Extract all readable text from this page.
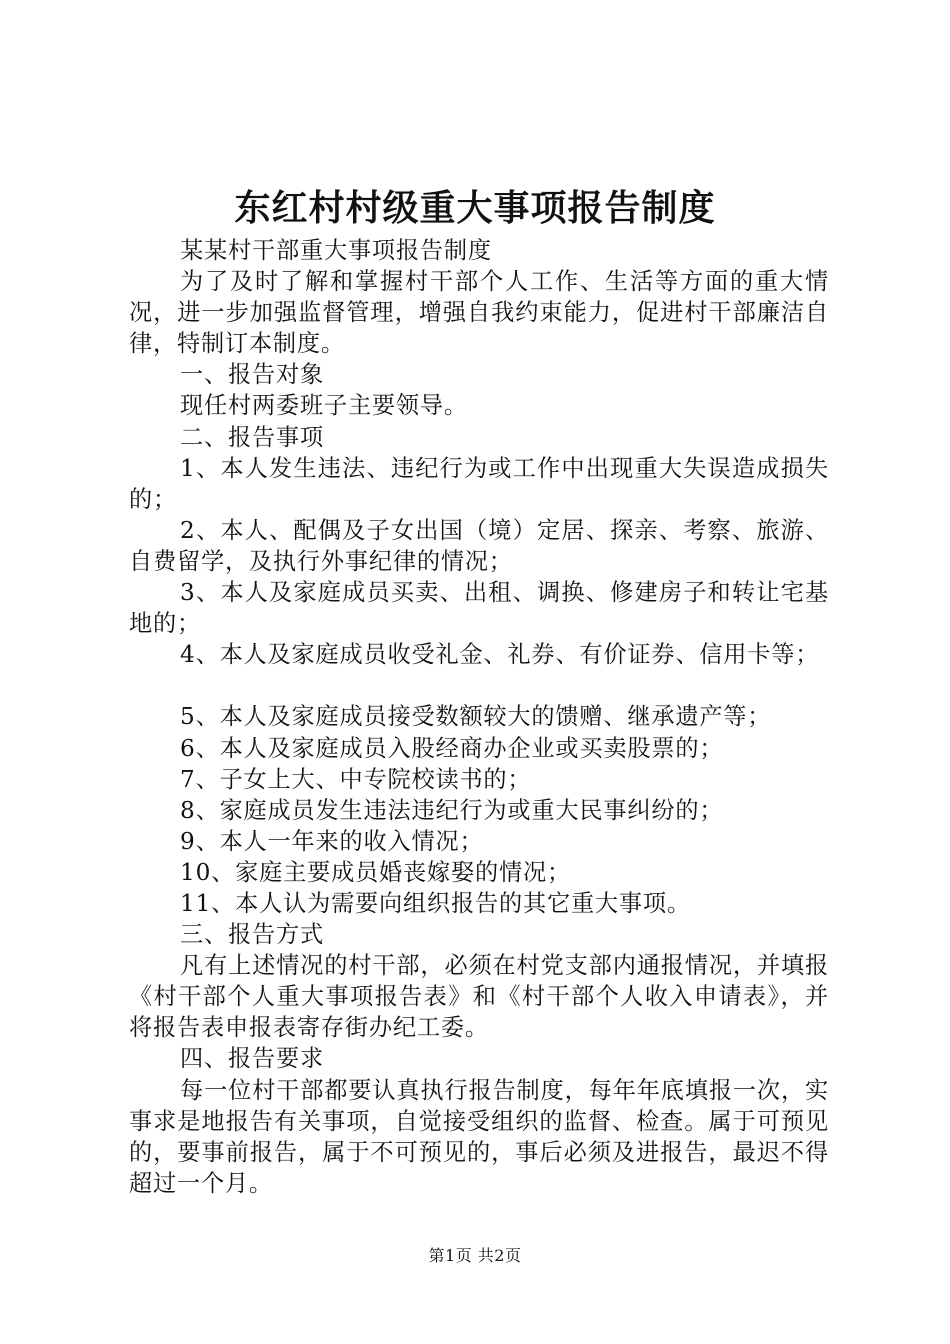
东红村村级重大事项报告制度

某某村干部重大事项报告制度

为了及时了解和掌握村干部个人工作、生活等方面的重大情况，进一步加强监督管理，增强自我约束能力，促进村干部廉洁自律，特制订本制度。

一、报告对象

现任村两委班子主要领导。

二、报告事项

1、本人发生违法、违纪行为或工作中出现重大失误造成损失的；

2、本人、配偶及子女出国（境）定居、探亲、考察、旅游、自费留学，及执行外事纪律的情况；

3、本人及家庭成员买卖、出租、调换、修建房子和转让宅基地的；

4、本人及家庭成员收受礼金、礼券、有价证券、信用卡等；

5、本人及家庭成员接受数额较大的馈赠、继承遗产等；

6、本人及家庭成员入股经商办企业或买卖股票的；

7、子女上大、中专院校读书的；

8、家庭成员发生违法违纪行为或重大民事纠纷的；

9、本人一年来的收入情况；

10、家庭主要成员婚丧嫁娶的情况；

11、本人认为需要向组织报告的其它重大事项。

三、报告方式

凡有上述情况的村干部，必须在村党支部内通报情况，并填报《村干部个人重大事项报告表》和《村干部个人收入申请表》，并将报告表申报表寄存街办纪工委。

四、报告要求

每一位村干部都要认真执行报告制度，每年年底填报一次，实事求是地报告有关事项，自觉接受组织的监督、检查。属于可预见的，要事前报告，属于不可预见的，事后必须及进报告，最迟不得超过一个月。

第1页 共2页
